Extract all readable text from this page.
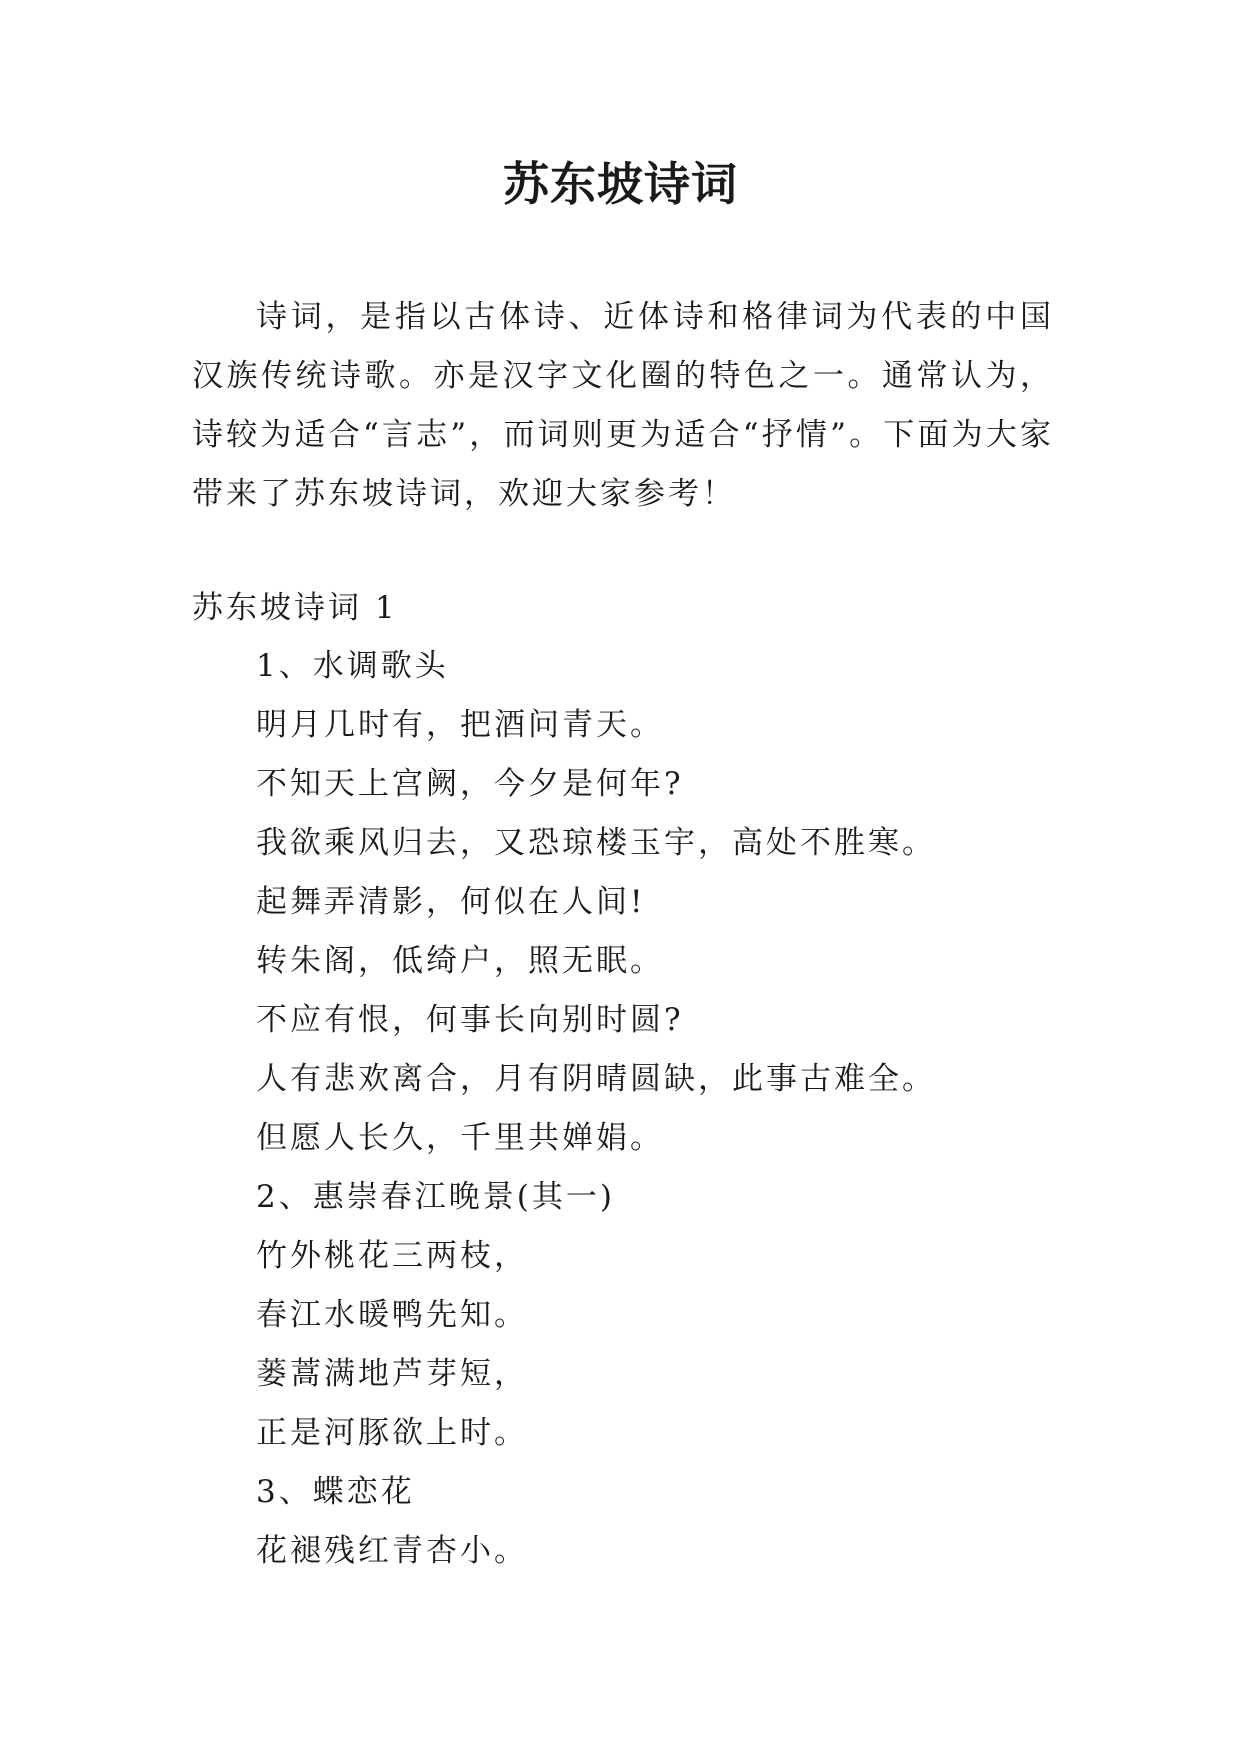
苏东坡诗词
诗词，是指以古体诗、近体诗和格律词为代表的中国汉族传统诗歌。亦是汉字文化圈的特色之一。通常认为，诗较为适合“言志”，而词则更为适合“抒情”。下面为大家带来了苏东坡诗词，欢迎大家参考！
苏东坡诗词 1
1、水调歌头
明月几时有，把酒问青天。
不知天上宫阙，今夕是何年?
我欲乘风归去，又恐琼楼玉宇，高处不胜寒。
起舞弄清影，何似在人间!
转朱阁，低绮户，照无眠。
不应有恨，何事长向别时圆?
人有悲欢离合，月有阴晴圆缺，此事古难全。
但愿人长久，千里共婵娟。
2、惠崇春江晚景(其一)
竹外桃花三两枝，
春江水暖鸭先知。
蒌蒿满地芦芽短，
正是河豚欲上时。
3、蝶恋花
花褪残红青杏小。
